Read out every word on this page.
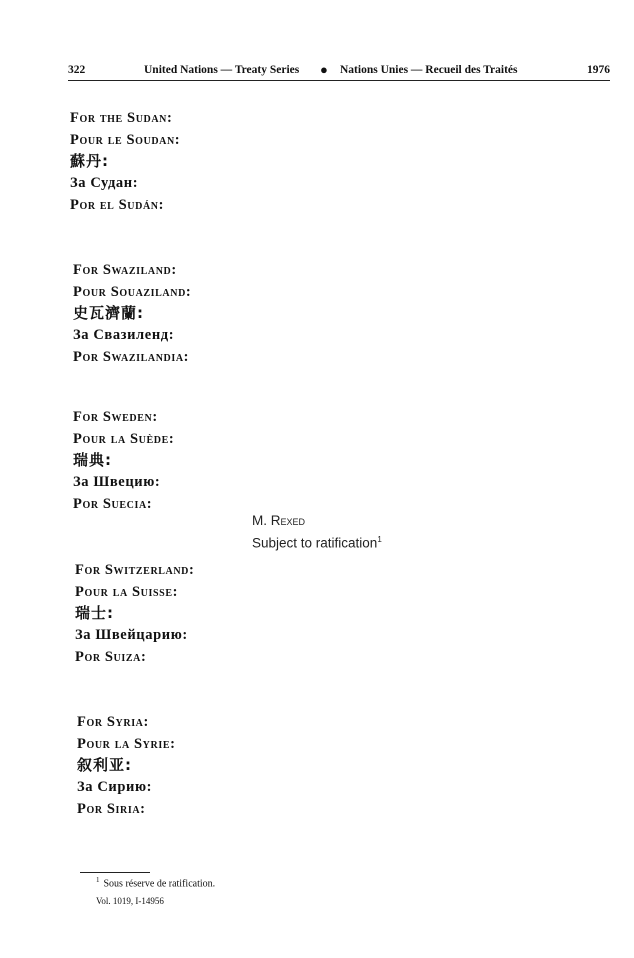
322	United Nations — Treaty Series ● Nations Unies — Recueil des Traités	1976
For the Sudan:
Pour le Soudan:
蘇丹:
За Судан:
Por el Sudán:
For Swaziland:
Pour Souaziland:
史瓦濟蘭:
За Свазиленд:
Por Swazilandia:
For Sweden:
Pour la Suède:
瑞典:
За Швецию:
Por Suecia:
M. Rexed
Subject to ratification$^1$
For Switzerland:
Pour la Suisse:
瑞士:
За Швейцарию:
Por Suiza:
For Syria:
Pour la Syrie:
叙利亚:
За Сирию:
Por Siria:
$^1$ Sous réserve de ratification.
Vol. 1019, I-14956
